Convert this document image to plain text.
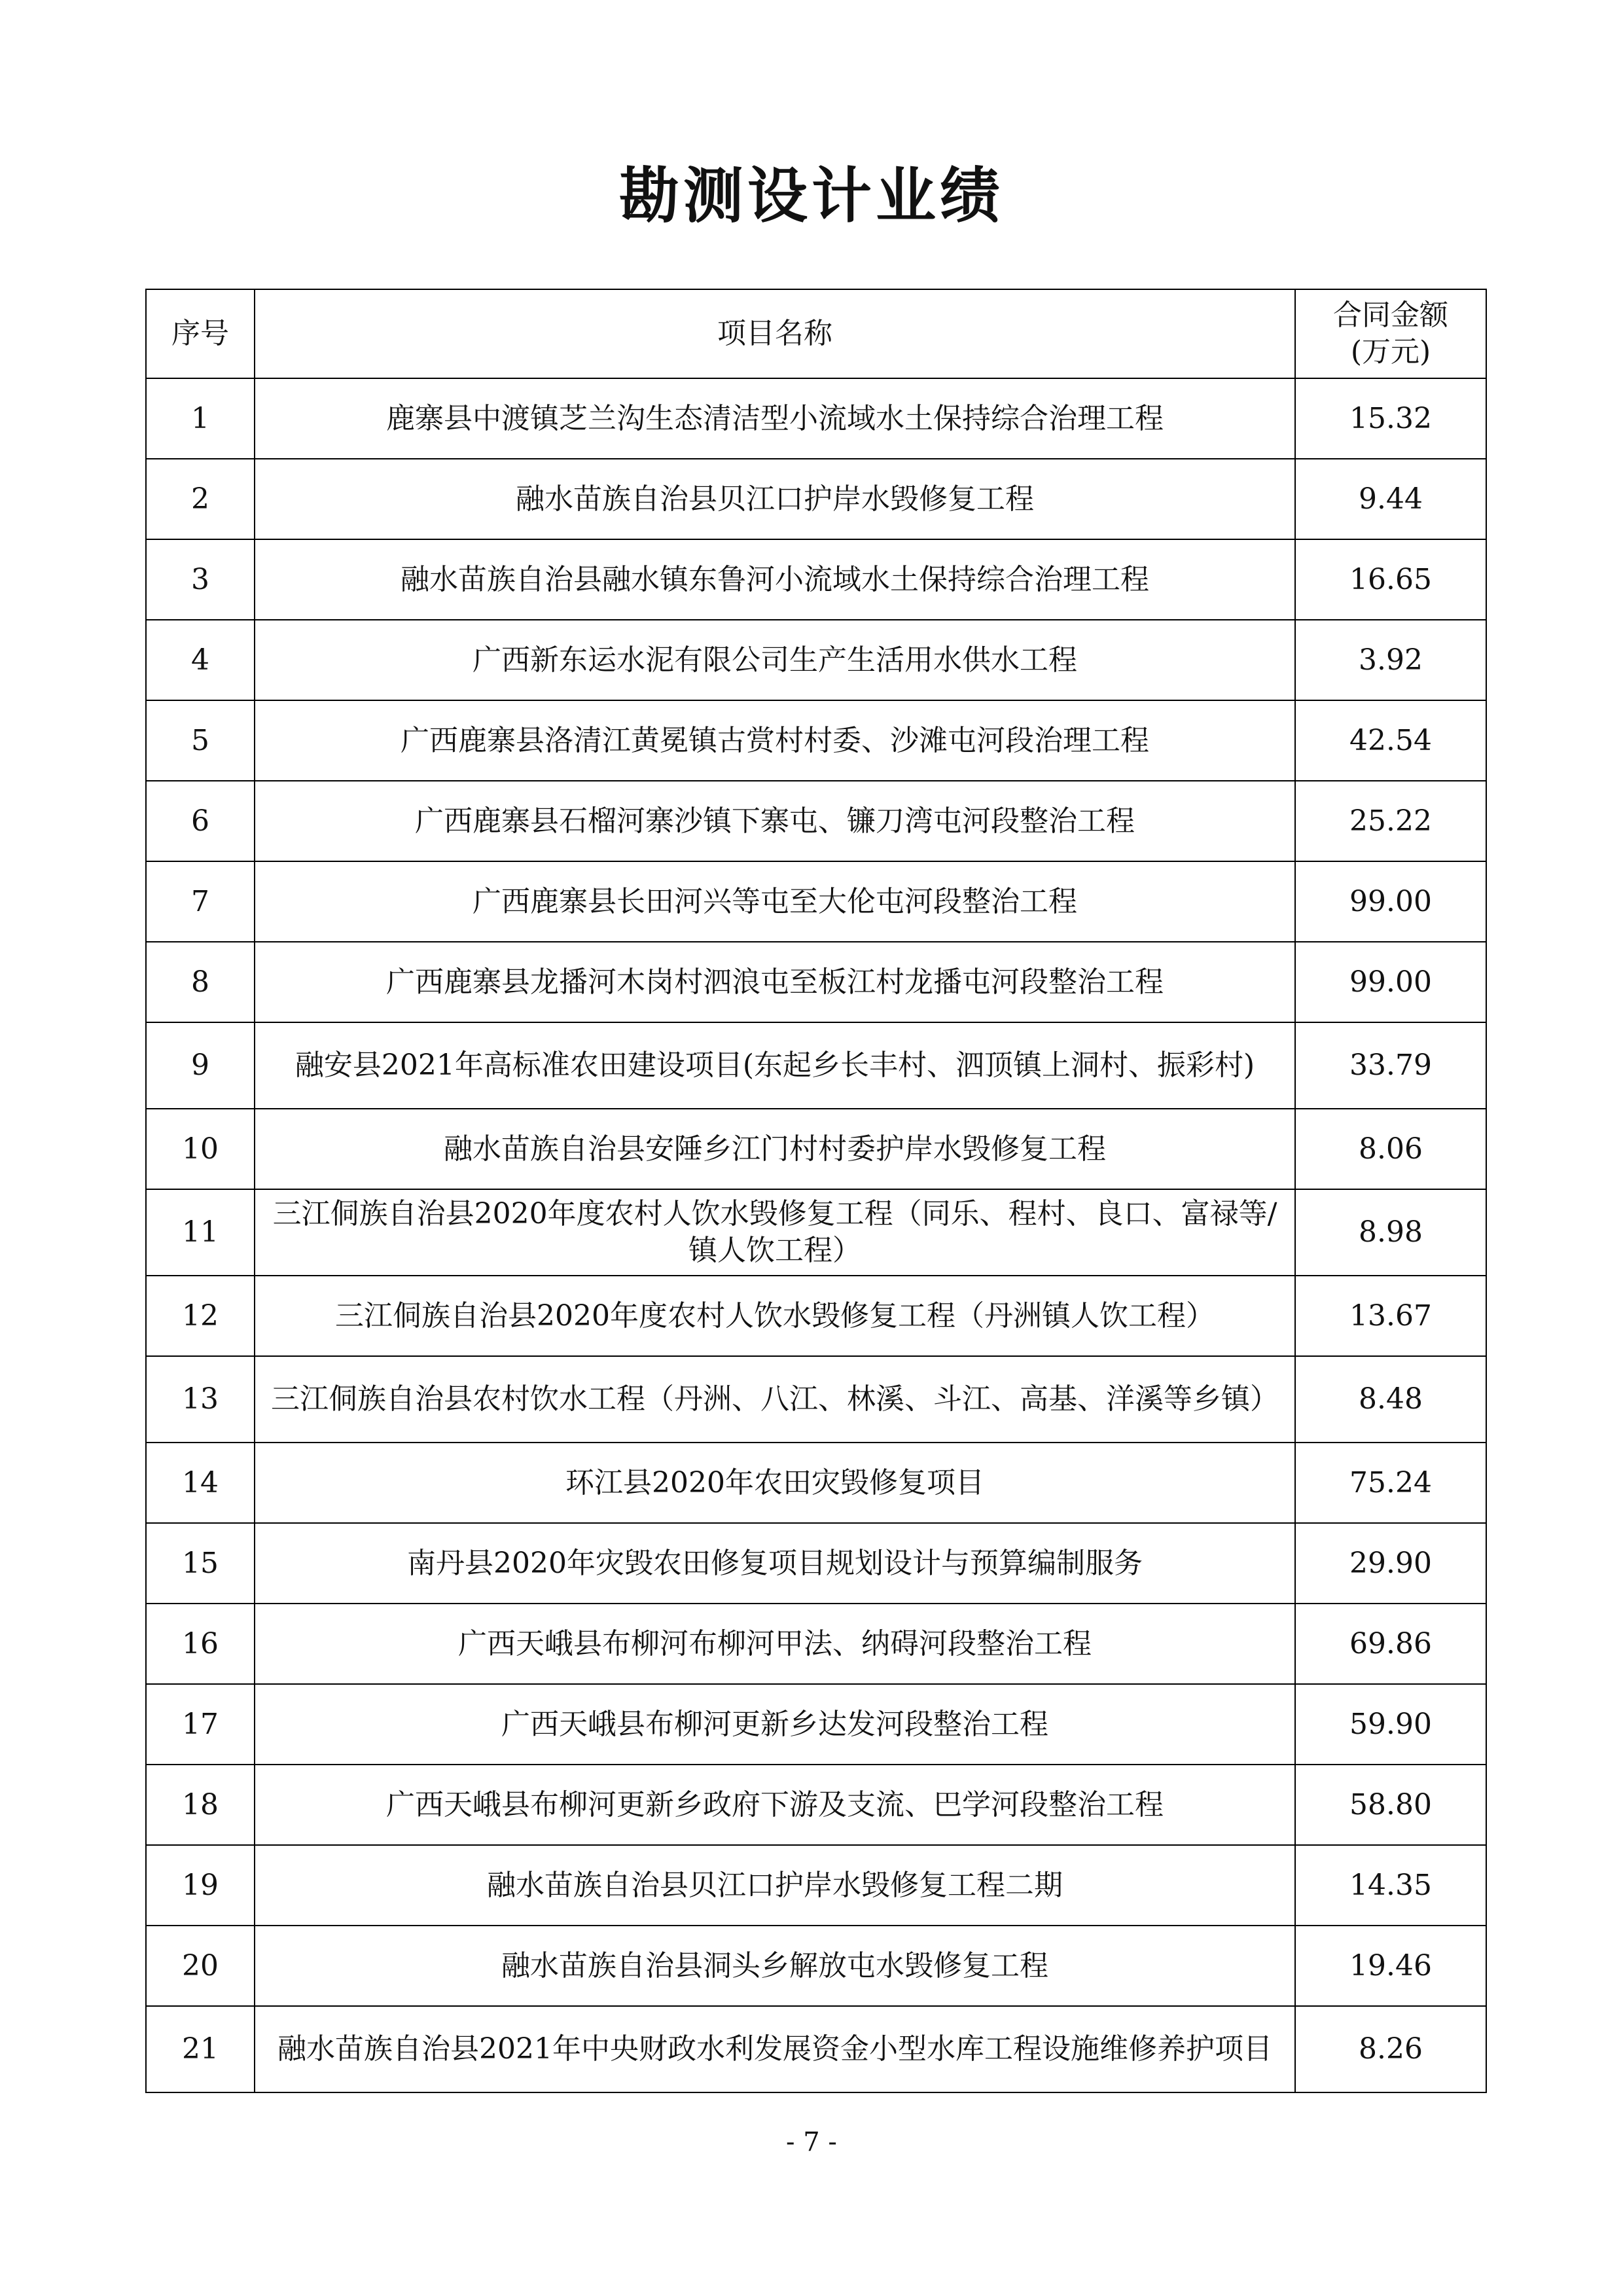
勘测设计业绩
序号	项目名称	合同金额
(万元)

1	鹿寨县中渡镇芝兰沟生态清洁型小流域水土保持综合治理工程	15.32
2	融水苗族自治县贝江口护岸水毁修复工程	9.44
3	融水苗族自治县融水镇东鲁河小流域水土保持综合治理工程	16.65
4	广西新东运水泥有限公司生产生活用水供水工程	3.92
5	广西鹿寨县洛清江黄冕镇古赏村村委、沙滩屯河段治理工程	42.54
6	广西鹿寨县石榴河寨沙镇下寨屯、镰刀湾屯河段整治工程	25.22
7	广西鹿寨县长田河兴等屯至大伦屯河段整治工程	99.00
8	广西鹿寨县龙播河木岗村泗浪屯至板江村龙播屯河段整治工程	99.00
9	融安县2021年高标准农田建设项目(东起乡长丰村、泗顶镇上洞村、振彩村)	33.79
10	融水苗族自治县安陲乡江门村村委护岸水毁修复工程	8.06
11	三江侗族自治县2020年度农村人饮水毁修复工程（同乐、程村、良口、富禄等/镇人饮工程）	8.98
12	三江侗族自治县2020年度农村人饮水毁修复工程（丹洲镇人饮工程）	13.67
13	三江侗族自治县农村饮水工程（丹洲、八江、林溪、斗江、高基、洋溪等乡镇）	8.48
14	环江县2020年农田灾毁修复项目	75.24
15	南丹县2020年灾毁农田修复项目规划设计与预算编制服务	29.90
16	广西天峨县布柳河布柳河甲法、纳碍河段整治工程	69.86
17	广西天峨县布柳河更新乡达发河段整治工程	59.90
18	广西天峨县布柳河更新乡政府下游及支流、巴学河段整治工程	58.80
19	融水苗族自治县贝江口护岸水毁修复工程二期	14.35
20	融水苗族自治县洞头乡解放屯水毁修复工程	19.46
21	融水苗族自治县2021年中央财政水利发展资金小型水库工程设施维修养护项目	8.26
- 7 -
